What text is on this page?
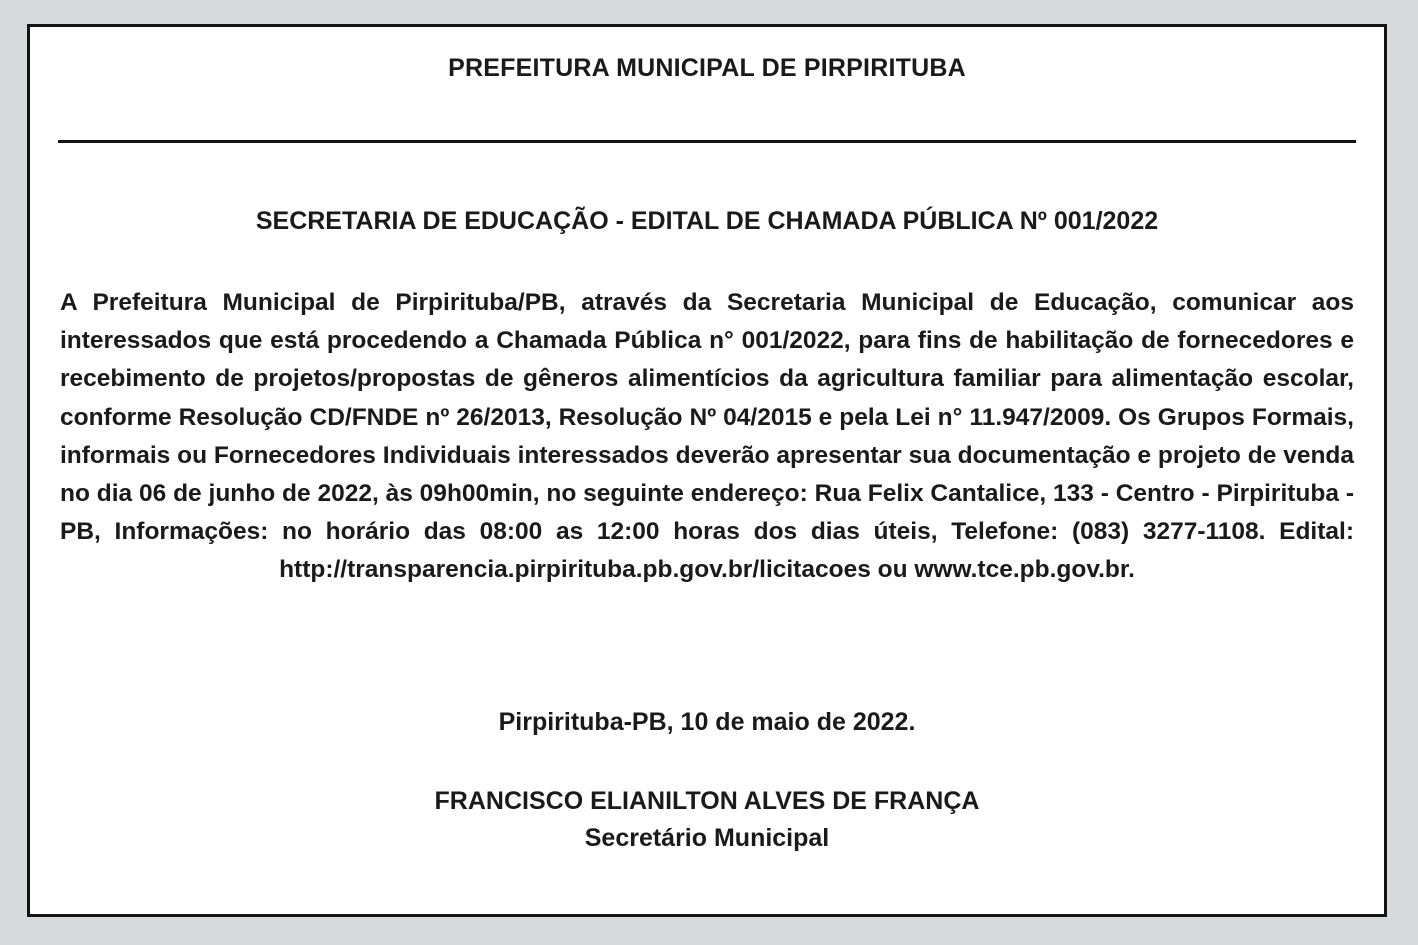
PREFEITURA MUNICIPAL DE PIRPIRITUBA
SECRETARIA DE EDUCAÇÃO - EDITAL DE CHAMADA PÚBLICA Nº 001/2022

A Prefeitura Municipal de Pirpirituba/PB, através da Secretaria Municipal de Educação, comunicar aos interessados que está procedendo a Chamada Pública n° 001/2022, para fins de habilitação de fornecedores e recebimento de projetos/propostas de gêneros alimentícios da agricultura familiar para alimentação escolar, conforme Resolução CD/FNDE nº 26/2013, Resolução Nº 04/2015 e pela Lei n° 11.947/2009. Os Grupos Formais, informais ou Fornecedores Individuais interessados deverão apresentar sua documentação e projeto de venda no dia 06 de junho de 2022, às 09h00min, no seguinte endereço: Rua Felix Cantalice, 133 - Centro - Pirpirituba - PB, Informações: no horário das 08:00 as 12:00 horas dos dias úteis, Telefone: (083) 3277-1108. Edital: http://transparencia.pirpirituba.pb.gov.br/licitacoes ou www.tce.pb.gov.br.

Pirpirituba-PB, 10 de maio de 2022.
FRANCISCO ELIANILTON ALVES DE FRANÇA
Secretário Municipal
